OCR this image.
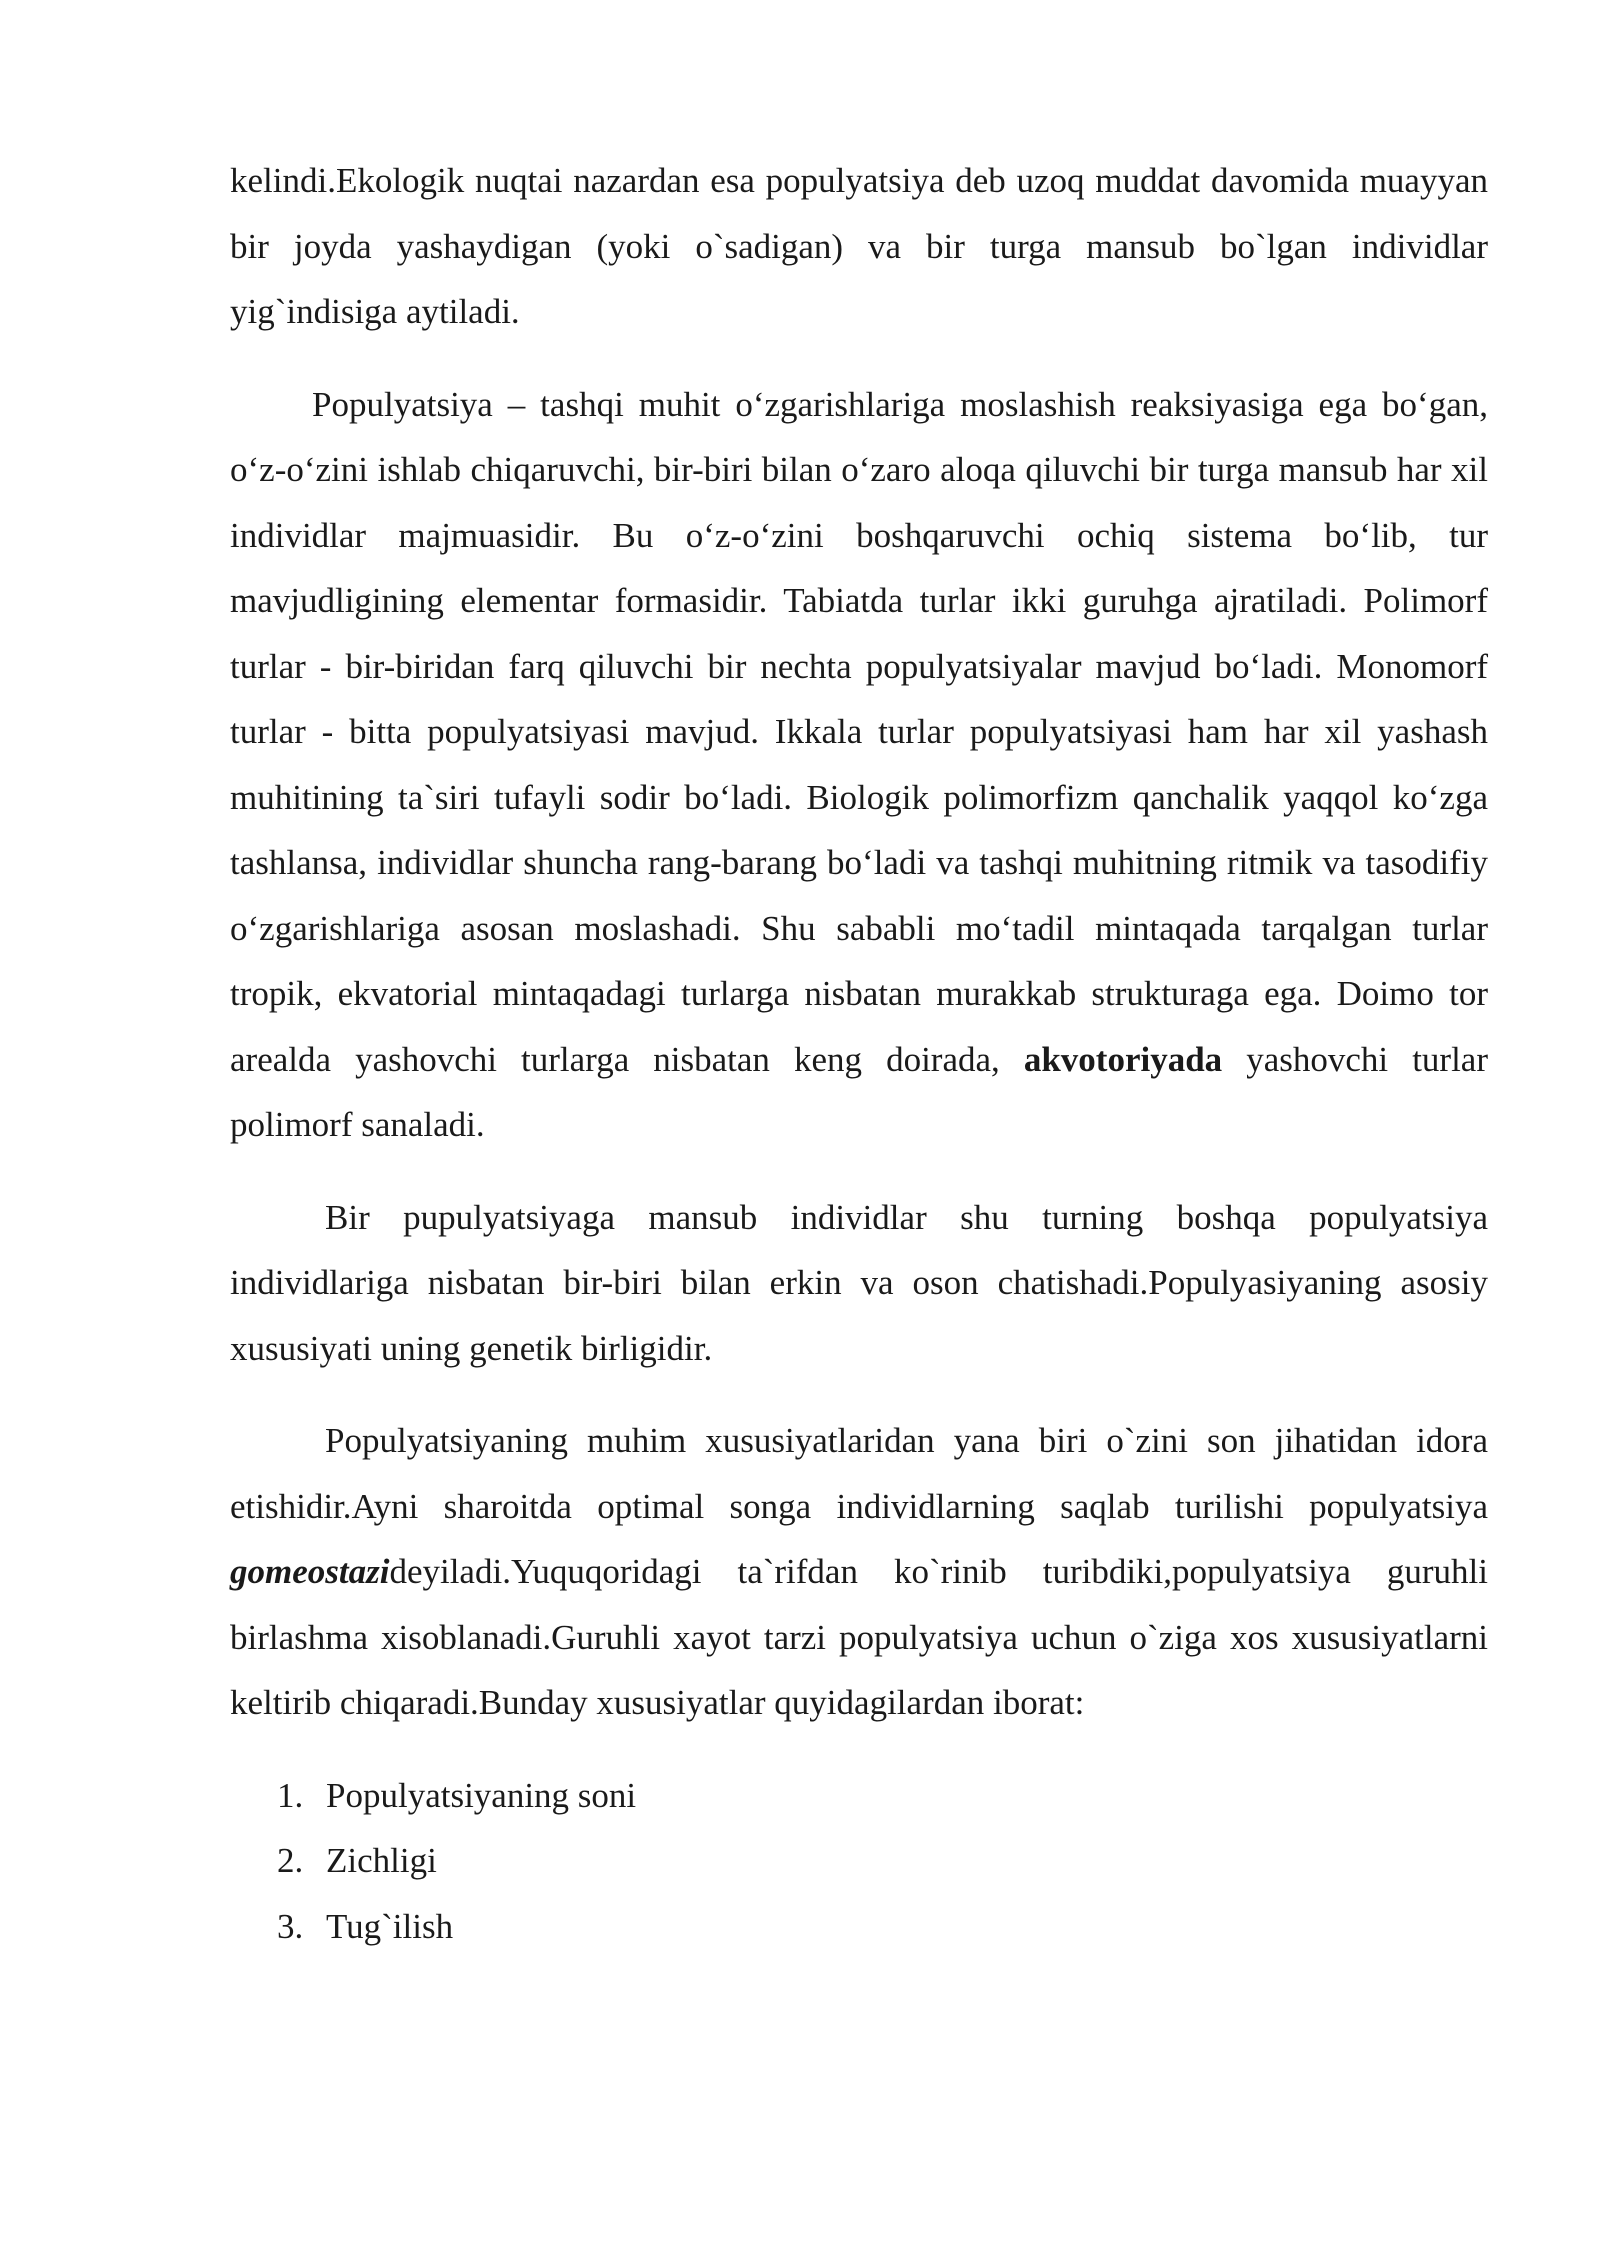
kelindi.Ekologik nuqtai nazardan esa populyatsiya deb uzoq muddat davomida muayyan bir joyda yashaydigan (yoki o`sadigan) va bir turga mansub bo`lgan individlar yig`indisiga aytiladi.

Populyatsiya – tashqi muhit o‘zgarishlariga moslashish reaksiyasiga ega bo‘gan, o‘z-o‘zini ishlab chiqaruvchi, bir-biri bilan o‘zaro aloqa qiluvchi bir turga mansub har xil individlar majmuasidir. Bu o‘z-o‘zini boshqaruvchi ochiq sistema bo‘lib, tur mavjudligining elementar formasidir. Tabiatda turlar ikki guruhga ajratiladi. Polimorf turlar - bir-biridan farq qiluvchi bir nechta populyatsiyalar mavjud bo‘ladi. Monomorf turlar - bitta populyatsiyasi mavjud. Ikkala turlar populyatsiyasi ham har xil yashash muhitining ta`siri tufayli sodir bo‘ladi. Biologik polimorfizm qanchalik yaqqol ko‘zga tashlansa, individlar shuncha rang-barang bo‘ladi va tashqi muhitning ritmik va tasodifiy o‘zgarishlariga asosan moslashadi. Shu sababli mo‘tadil mintaqada tarqalgan turlar tropik, ekvatorial mintaqadagi turlarga nisbatan murakkab strukturaga ega. Doimo tor arealda yashovchi turlarga nisbatan keng doirada, akvotoriyada yashovchi turlar polimorf sanaladi.

Bir pupulyatsiyaga mansub individlar shu turning boshqa populyatsiya individlariga nisbatan bir-biri bilan erkin va oson chatishadi.Populyasiyaning asosiy xususiyati uning genetik birligidir.

Populyatsiyaning muhim xususiyatlaridan yana biri o`zini son jihatidan idora etishidir.Ayni sharoitda optimal songa individlarning saqlab turilishi populyatsiya gomeostazideyiladi.Yuquqoridagi ta`rifdan ko`rinib turibdiki,populyatsiya guruhli birlashma xisoblanadi.Guruhli xayot tarzi populyatsiya uchun o`ziga xos xususiyatlarni keltirib chiqaradi.Bunday xususiyatlar quyidagilardan iborat:

1. Populyatsiyaning soni
2. Zichligi
3. Tug`ilish
